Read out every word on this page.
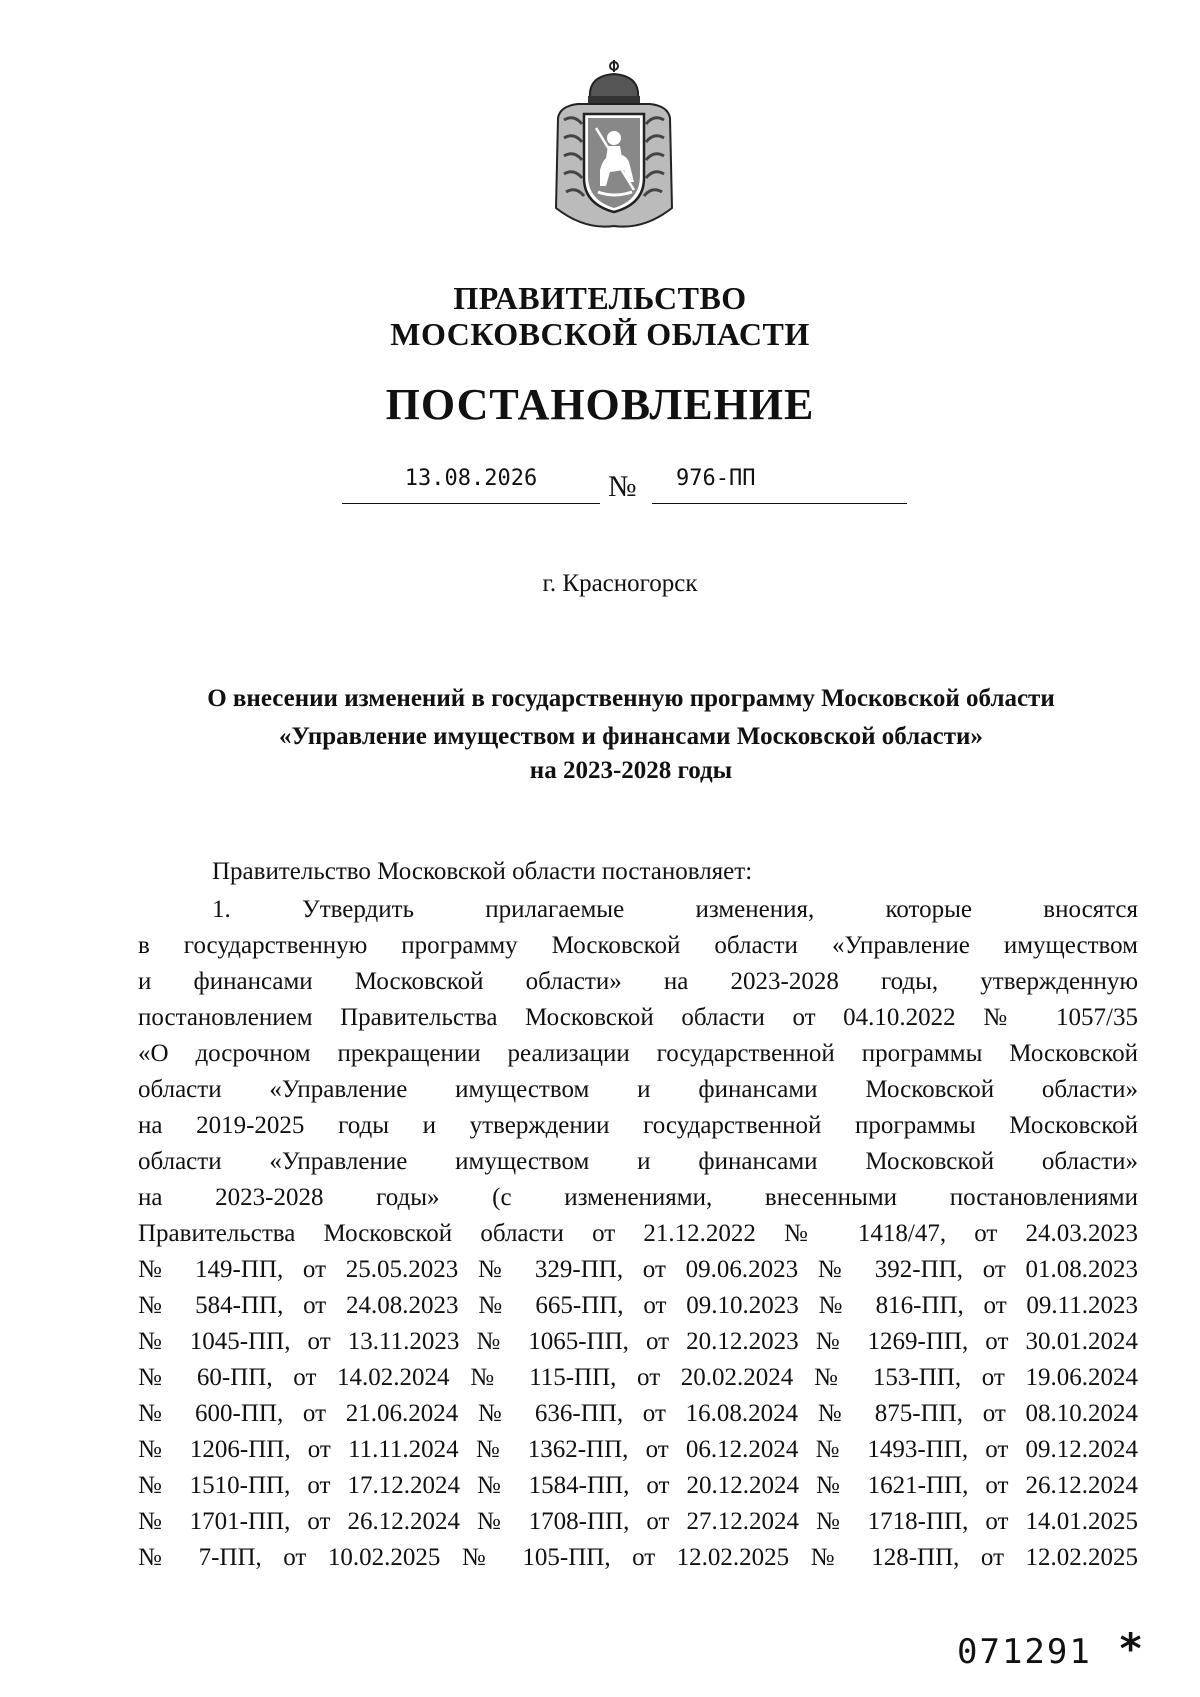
ПРАВИТЕЛЬСТВО
МОСКОВСКОЙ ОБЛАСТИ
ПОСТАНОВЛЕНИЕ
13.08.2026	№	976-ПП
г. Красногорск
О внесении изменений в государственную программу Московской области
«Управление имуществом и финансами Московской области»
на 2023-2028 годы
Правительство Московской области постановляет:
1. Утвердить прилагаемые изменения, которые вносятся
в государственную программу Московской области «Управление имуществом
и финансами Московской области» на 2023-2028 годы, утвержденную
постановлением Правительства Московской области от 04.10.2022 № 1057/35
«О досрочном прекращении реализации государственной программы Московской
области «Управление имуществом и финансами Московской области»
на 2019-2025 годы и утверждении государственной программы Московской
области «Управление имуществом и финансами Московской области»
на 2023-2028 годы» (с изменениями, внесенными постановлениями
Правительства Московской области от 21.12.2022 № 1418/47, от 24.03.2023
№ 149-ПП, от 25.05.2023 № 329-ПП, от 09.06.2023 № 392-ПП, от 01.08.2023
№ 584-ПП, от 24.08.2023 № 665-ПП, от 09.10.2023 № 816-ПП, от 09.11.2023
№ 1045-ПП, от 13.11.2023 № 1065-ПП, от 20.12.2023 № 1269-ПП, от 30.01.2024
№ 60-ПП, от 14.02.2024 № 115-ПП, от 20.02.2024 № 153-ПП, от 19.06.2024
№ 600-ПП, от 21.06.2024 № 636-ПП, от 16.08.2024 № 875-ПП, от 08.10.2024
№ 1206-ПП, от 11.11.2024 № 1362-ПП, от 06.12.2024 № 1493-ПП, от 09.12.2024
№ 1510-ПП, от 17.12.2024 № 1584-ПП, от 20.12.2024 № 1621-ПП, от 26.12.2024
№ 1701-ПП, от 26.12.2024 № 1708-ПП, от 27.12.2024 № 1718-ПП, от 14.01.2025
№ 7-ПП, от 10.02.2025 № 105-ПП, от 12.02.2025 № 128-ПП, от 12.02.2025
071291 *
